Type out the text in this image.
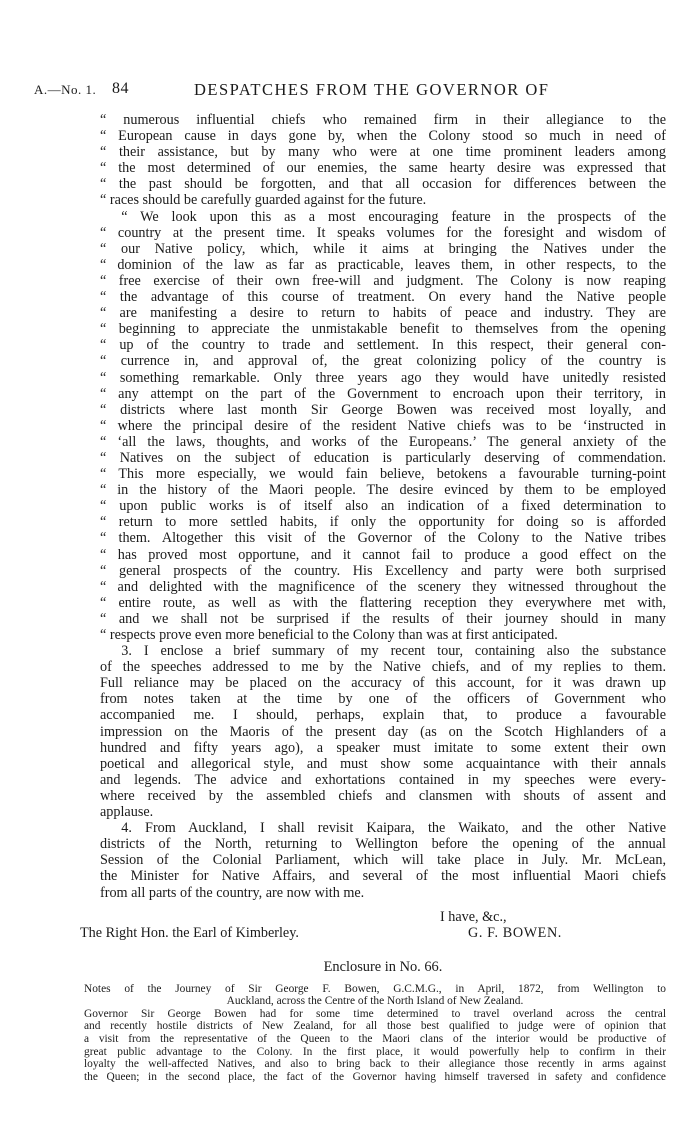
A.—No. 1. 84	DESPATCHES FROM THE GOVERNOR OF
“ numerous influential chiefs who remained firm in their allegiance to the
“ European cause in days gone by, when the Colony stood so much in need of
“ their assistance, but by many who were at one time prominent leaders among
“ the most determined of our enemies, the same hearty desire was expressed that
“ the past should be forgotten, and that all occasion for differences between the
“ races should be carefully guarded against for the future.
  “ We look upon this as a most encouraging feature in the prospects of the
“ country at the present time. It speaks volumes for the foresight and wisdom of
“ our Native policy, which, while it aims at bringing the Natives under the
“ dominion of the law as far as practicable, leaves them, in other respects, to the
“ free exercise of their own free-will and judgment. The Colony is now reaping
“ the advantage of this course of treatment. On every hand the Native people
“ are manifesting a desire to return to habits of peace and industry. They are
“ beginning to appreciate the unmistakable benefit to themselves from the opening
“ up of the country to trade and settlement. In this respect, their general con-
“ currence in, and approval of, the great colonizing policy of the country is
“ something remarkable. Only three years ago they would have unitedly resisted
“ any attempt on the part of the Government to encroach upon their territory, in
“ districts where last month Sir George Bowen was received most loyally, and
“ where the principal desire of the resident Native chiefs was to be ‘instructed in
“ ‘all the laws, thoughts, and works of the Europeans.’ The general anxiety of the
“ Natives on the subject of education is particularly deserving of commendation.
“ This more especially, we would fain believe, betokens a favourable turning-point
“ in the history of the Maori people. The desire evinced by them to be employed
“ upon public works is of itself also an indication of a fixed determination to
“ return to more settled habits, if only the opportunity for doing so is afforded
“ them. Altogether this visit of the Governor of the Colony to the Native tribes
“ has proved most opportune, and it cannot fail to produce a good effect on the
“ general prospects of the country. His Excellency and party were both surprised
“ and delighted with the magnificence of the scenery they witnessed throughout the
“ entire route, as well as with the flattering reception they everywhere met with,
“ and we shall not be surprised if the results of their journey should in many
“ respects prove even more beneficial to the Colony than was at first anticipated.
  3. I enclose a brief summary of my recent tour, containing also the substance
of the speeches addressed to me by the Native chiefs, and of my replies to them.
Full reliance may be placed on the accuracy of this account, for it was drawn up
from notes taken at the time by one of the officers of Government who
accompanied me. I should, perhaps, explain that, to produce a favourable
impression on the Maoris of the present day (as on the Scotch Highlanders of a
hundred and fifty years ago), a speaker must imitate to some extent their own
poetical and allegorical style, and must show some acquaintance with their annals
and legends. The advice and exhortations contained in my speeches were every-
where received by the assembled chiefs and clansmen with shouts of assent and
applause.
  4. From Auckland, I shall revisit Kaipara, the Waikato, and the other Native
districts of the North, returning to Wellington before the opening of the annual
Session of the Colonial Parliament, which will take place in July. Mr. McLean,
the Minister for Native Affairs, and several of the most influential Maori chiefs
from all parts of the country, are now with me.
I have, &c.,
The Right Hon. the Earl of Kimberley.	G. F. BOWEN.
Enclosure in No. 66.
Notes of the Journey of Sir George F. Bowen, G.C.M.G., in April, 1872, from Wellington to
Auckland, across the Centre of the North Island of New Zealand.
Governor Sir George Bowen had for some time determined to travel overland across the central
and recently hostile districts of New Zealand, for all those best qualified to judge were of opinion that
a visit from the representative of the Queen to the Maori clans of the interior would be productive of
great public advantage to the Colony. In the first place, it would powerfully help to confirm in their
loyalty the well-affected Natives, and also to bring back to their allegiance those recently in arms against
the Queen; in the second place, the fact of the Governor having himself traversed in safety and confidence
